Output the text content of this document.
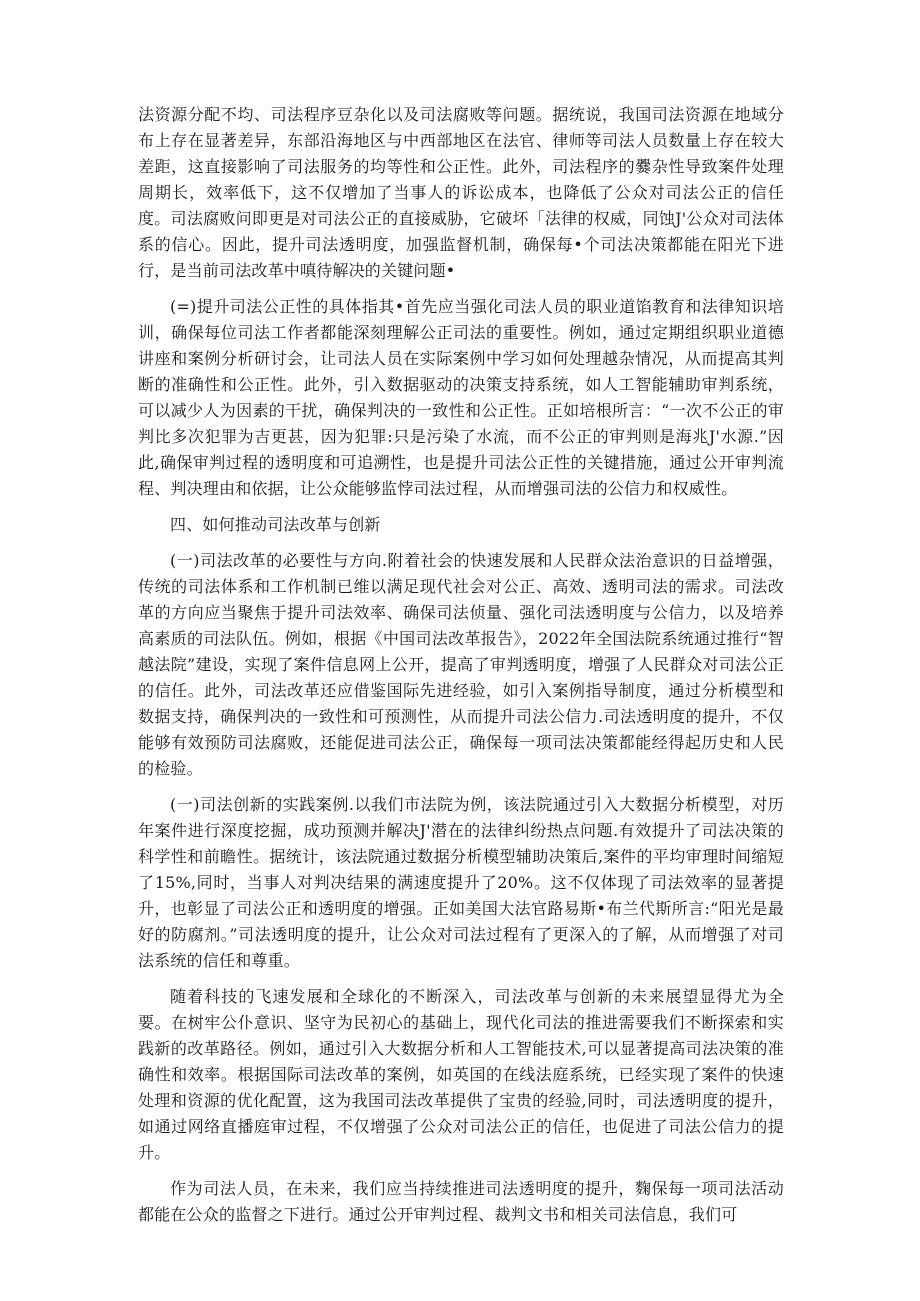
法资源分配不均、司法程序豆杂化以及司法腐败等问题。据统说，我国司法资源在地域分布上存在显著差异，东部沿海地区与中西部地区在法官、律师等司法人员数量上存在较大差距，这直接影响了司法服务的均等性和公正性。此外，司法程序的爨杂性导致案件处理周期长，效率低下，这不仅增加了当事人的诉讼成本，也降低了公众对司法公正的信任度。司法腐败问即更是对司法公正的直接威胁，它破坏「法律的权威，同蚀J'公众对司法体系的信心。因此，提升司法透明度，加强监督机制，确保每•个司法决策都能在阳光下进行，是当前司法改革中嗔待解决的关键问题•

(=)提升司法公正性的具体指其•首先应当强化司法人员的职业道馅教育和法律知识培训，确保每位司法工作者都能深刻理解公正司法的重要性。例如，通过定期组织职业道德讲座和案例分析研讨会，让司法人员在实际案例中学习如何处理越杂情况，从而提高其判断的准确性和公正性。此外，引入数据驱动的决策支持系统，如人工智能辅助审判系统，可以减少人为因素的干扰，确保判决的一致性和公正性。正如培根所言：“一次不公正的审判比多次犯罪为吉更甚，因为犯罪:只是污染了水流，而不公正的审判则是海兆J'水源.”因此,确保审判过程的透明度和可追溯性，也是提升司法公正性的关键措施，通过公开审判流程、判决理由和依据，让公众能够监悖司法过程，从而增强司法的公信力和权威性。

四、如何推动司法改革与创新

(一)司法改革的必要性与方向.附着社会的快速发展和人民群众法治意识的日益增强，传统的司法体系和工作机制已维以满足现代社会对公正、高效、透明司法的需求。司法改革的方向应当聚焦于提升司法效率、确保司法侦量、强化司法透明度与公信力，以及培养高素质的司法队伍。例如，根据《中国司法改革报告》，2022年全国法院系统通过推行“智越法院”建设，实现了案件信息网上公开，提高了审判透明度，增强了人民群众对司法公正的信任。此外，司法改革还应借鉴国际先进经验，如引入案例指导制度，通过分析模型和数据支持，确保判决的一致性和可预测性，从而提升司法公信力.司法透明度的提升，不仅能够有效预防司法腐败，还能促进司法公正，确保每一项司法决策都能经得起历史和人民的检验。

(一)司法创新的实践案例.以我们市法院为例，该法院通过引入大数据分析模型，对历年案件进行深度挖掘，成功预测并解决J'潜在的法律纠纷热点问题.有效提升了司法决策的科学性和前瞻性。据统计，该法院通过数据分析模型辅助决策后,案件的平均审理时间缩短了15%,同时，当事人对判决结果的满速度提升了20%。这不仅体现了司法效率的显著提升，也彰显了司法公正和透明度的增强。正如美国大法官路易斯•布兰代斯所言:“阳光是最好的防腐剂。”司法透明度的提升，让公众对司法过程有了更深入的了解，从而增强了对司法系统的信任和尊重。

随着科技的飞速发展和全球化的不断深入，司法改革与创新的未来展望显得尤为全要。在树牢公仆意识、坚守为民初心的基础上，现代化司法的推进需要我们不断探索和实践新的改革路径。例如，通过引入大数据分析和人工智能技术,可以显著提高司法决策的准确性和效率。根据国际司法改革的案例，如英国的在线法庭系统，已经实现了案件的快速处理和资源的优化配置，这为我国司法改革提供了宝贵的经验,同时，司法透明度的提升，如通过网络直播庭审过程，不仅增强了公众对司法公正的信任，也促进了司法公信力的提升。

作为司法人员，在未来，我们应当持续推进司法透明度的提升，麴保每一项司法活动都能在公众的监督之下进行。通过公开审判过程、裁判文书和相关司法信息，我们可
